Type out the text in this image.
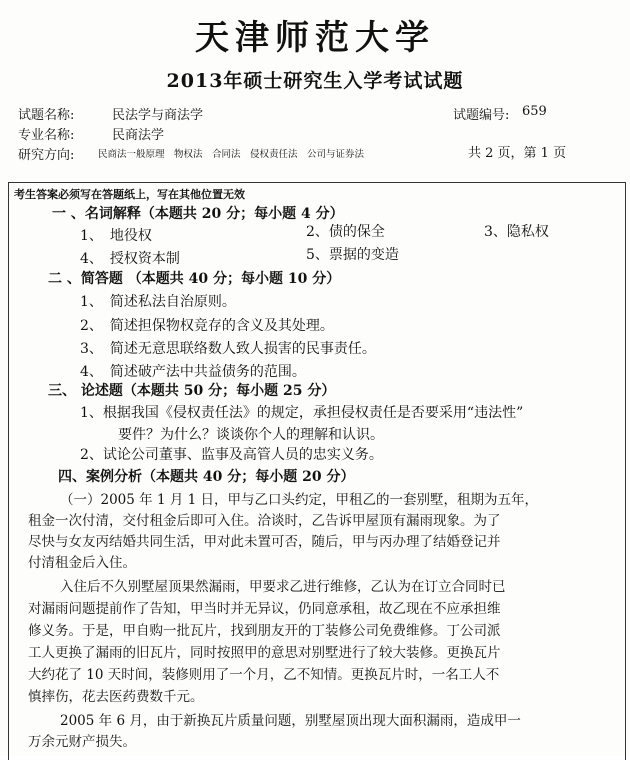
天津师范大学
2013年硕士研究生入学考试试题
试题名称:	民法学与商法学	试题编号: 659
专业名称:	民商法学
研究方向: 民商法一般原理　物权法　合同法　侵权责任法　公司与证券法	共 2 页，第 1 页
考生答案必须写在答题纸上，写在其他位置无效
一 、名词解释（本题共 20 分；每小题 4 分）
1、　地役权	2、债的保全	3、隐私权
4、　授权资本制	5、票据的变造
二 、简答题 （本题共 40 分；每小题 10 分）
1、　简述私法自治原则。
2、　简述担保物权竞存的含义及其处理。
3、　简述无意思联络数人致人损害的民事责任。
4、　简述破产法中共益债务的范围。
三、 论述题（本题共 50 分；每小题 25 分）
1、根据我国《侵权责任法》的规定，承担侵权责任是否要采用“违法性”
要件？为什么？谈谈你个人的理解和认识。
2、试论公司董事、监事及高管人员的忠实义务。
四、案例分析（本题共 40 分；每小题 20 分）
（一）2005 年 1 月 1 日，甲与乙口头约定，甲租乙的一套别墅，租期为五年，
租金一次付清，交付租金后即可入住。洽谈时，乙告诉甲屋顶有漏雨现象。为了
尽快与女友丙结婚共同生活，甲对此未置可否，随后，甲与丙办理了结婚登记并
付清租金后入住。
入住后不久别墅屋顶果然漏雨，甲要求乙进行维修，乙认为在订立合同时已
对漏雨问题提前作了告知，甲当时并无异议，仍同意承租，故乙现在不应承担维
修义务。于是，甲自购一批瓦片，找到朋友开的丁装修公司免费维修。丁公司派
工人更换了漏雨的旧瓦片，同时按照甲的意思对别墅进行了较大装修。更换瓦片
大约花了 10 天时间，装修则用了一个月，乙不知情。更换瓦片时，一名工人不
慎摔伤，花去医药费数千元。
2005 年 6 月，由于新换瓦片质量问题，别墅屋顶出现大面积漏雨，造成甲一
万余元财产损失。
